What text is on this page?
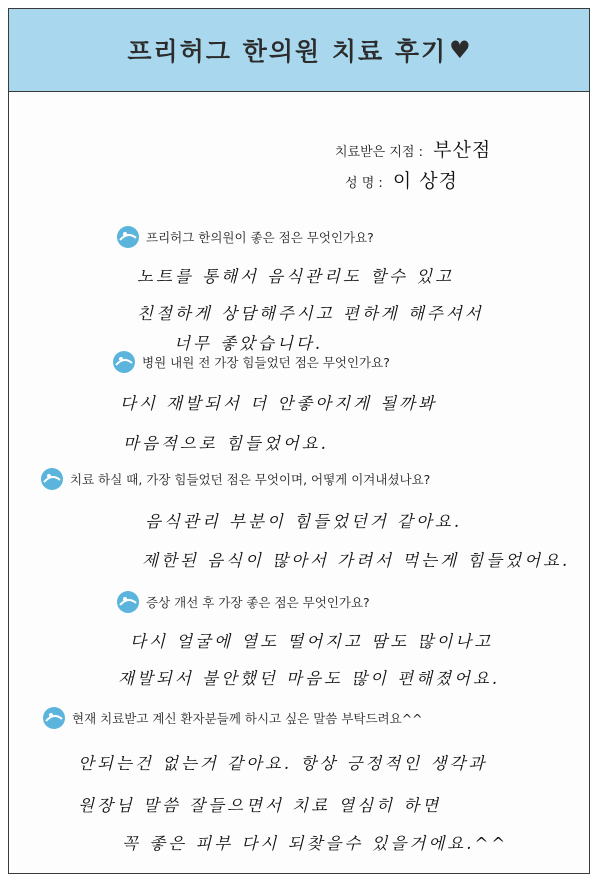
프리허그 한의원 치료 후기 ♥
치료받은 지점 : 부산점
성 명 : 이 상경
프리허그 한의원이 좋은 점은 무엇인가요?
노트를 통해서 음식관리도 할수 있고
친절하게 상담해주시고 편하게 해주셔서
너무 좋았습니다.
병원 내원 전 가장 힘들었던 점은 무엇인가요?
다시 재발되서 더 안좋아지게 될까봐
마음적으로 힘들었어요.
치료 하실 때, 가장 힘들었던 점은 무엇이며, 어떻게 이겨내셨나요?
음식관리 부분이 힘들었던거 같아요.
제한된 음식이 많아서 가려서 먹는게 힘들었어요.
증상 개선 후 가장 좋은 점은 무엇인가요?
다시 얼굴에 열도 떨어지고 땀도 많이나고
재발되서 불안했던 마음도 많이 편해졌어요.
현재 치료받고 계신 환자분들께 하시고 싶은 말씀 부탁드려요^^
안되는건 없는거 같아요. 항상 긍정적인 생각과
원장님 말씀 잘들으면서 치료 열심히 하면
꼭 좋은 피부 다시 되찾을수 있을거에요.^^
